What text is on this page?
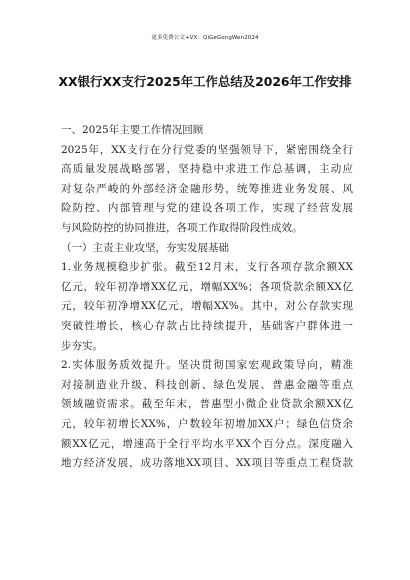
更多免费公文+VX：QiGeGongWen2024
XX银行XX支行2025年工作总结及2026年工作安排
一、2025年主要工作情况回顾
2025年，XX支行在分行党委的坚强领导下，紧密围绕全行
高质量发展战略部署，坚持稳中求进工作总基调，主动应
对复杂严峻的外部经济金融形势，统筹推进业务发展、风
险防控、内部管理与党的建设各项工作，实现了经营发展
与风险防控的协同推进，各项工作取得阶段性成效。
（一）主责主业攻坚，夯实发展基础
1.业务规模稳步扩张。截至12月末，支行各项存款余额XX
亿元，较年初净增XX亿元，增幅XX%；各项贷款余额XX亿
元，较年初净增XX亿元，增幅XX%。其中，对公存款实现
突破性增长，核心存款占比持续提升，基础客户群体进一
步夯实。
2.实体服务质效提升。坚决贯彻国家宏观政策导向，精准
对接制造业升级、科技创新、绿色发展、普惠金融等重点
领域融资需求。截至年末，普惠型小微企业贷款余额XX亿
元，较年初增长XX%，户数较年初增加XX户；绿色信贷余
额XX亿元，增速高于全行平均水平XX个百分点。深度融入
地方经济发展，成功落地XX项目、XX项目等重点工程贷款
